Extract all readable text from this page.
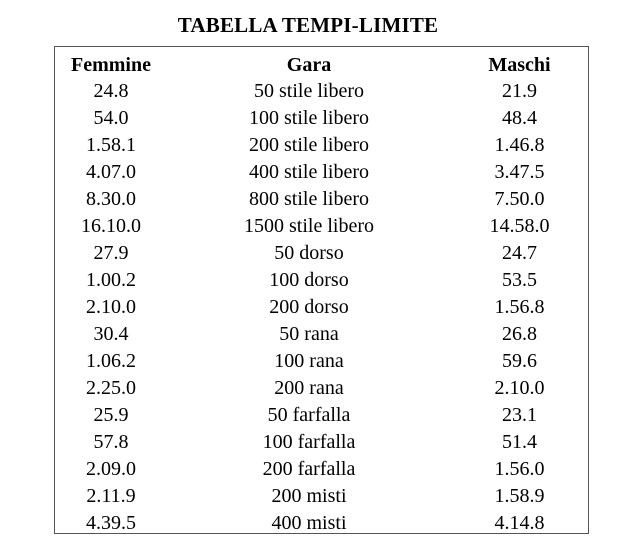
TABELLA TEMPI-LIMITE
Femmine	Gara	Maschi
24.8	50 stile libero	21.9
54.0	100 stile libero	48.4
1.58.1	200 stile libero	1.46.8
4.07.0	400 stile libero	3.47.5
8.30.0	800 stile libero	7.50.0
16.10.0	1500 stile libero	14.58.0
27.9	50 dorso	24.7
1.00.2	100 dorso	53.5
2.10.0	200 dorso	1.56.8
30.4	50 rana	26.8
1.06.2	100 rana	59.6
2.25.0	200 rana	2.10.0
25.9	50 farfalla	23.1
57.8	100 farfalla	51.4
2.09.0	200 farfalla	1.56.0
2.11.9	200 misti	1.58.9
4.39.5	400 misti	4.14.8
